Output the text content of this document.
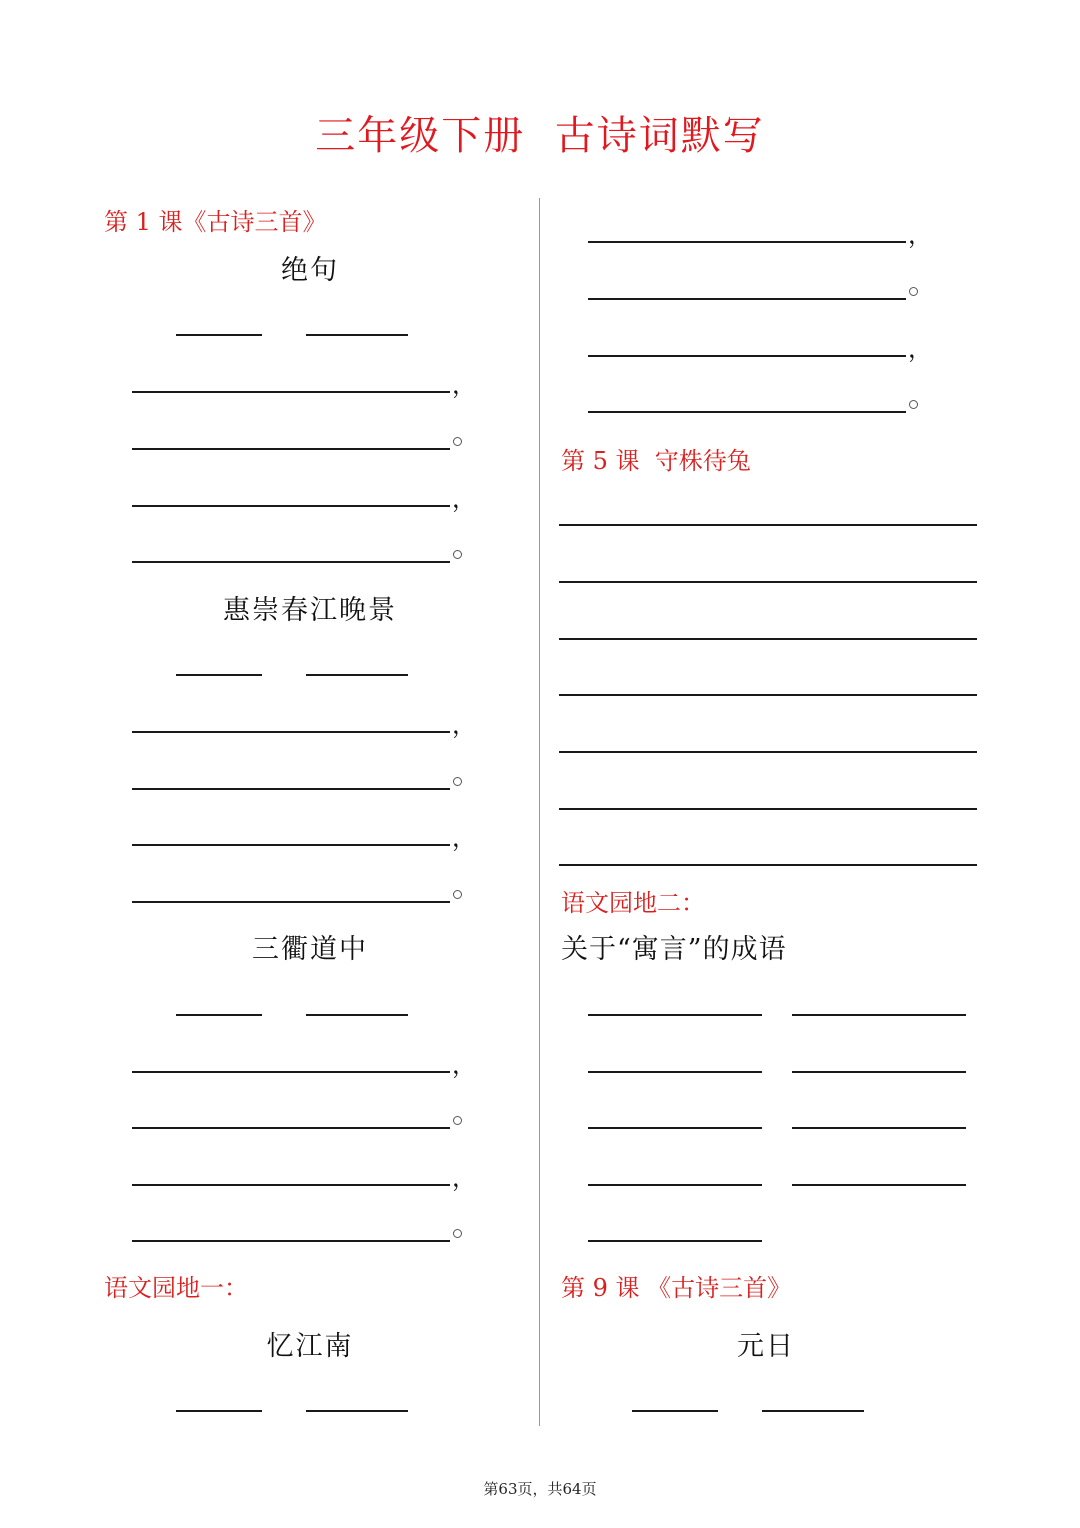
三年级下册  古诗词默写
第 1 课《古诗三首》
绝句
，
，
惠崇春江晚景
，
，
三衢道中
，
，
语文园地一：
忆江南
，
，
第 5 课  守株待兔
语文园地二：
关于“寓言”的成语
第 9 课 《古诗三首》
元日
第63页，共64页
